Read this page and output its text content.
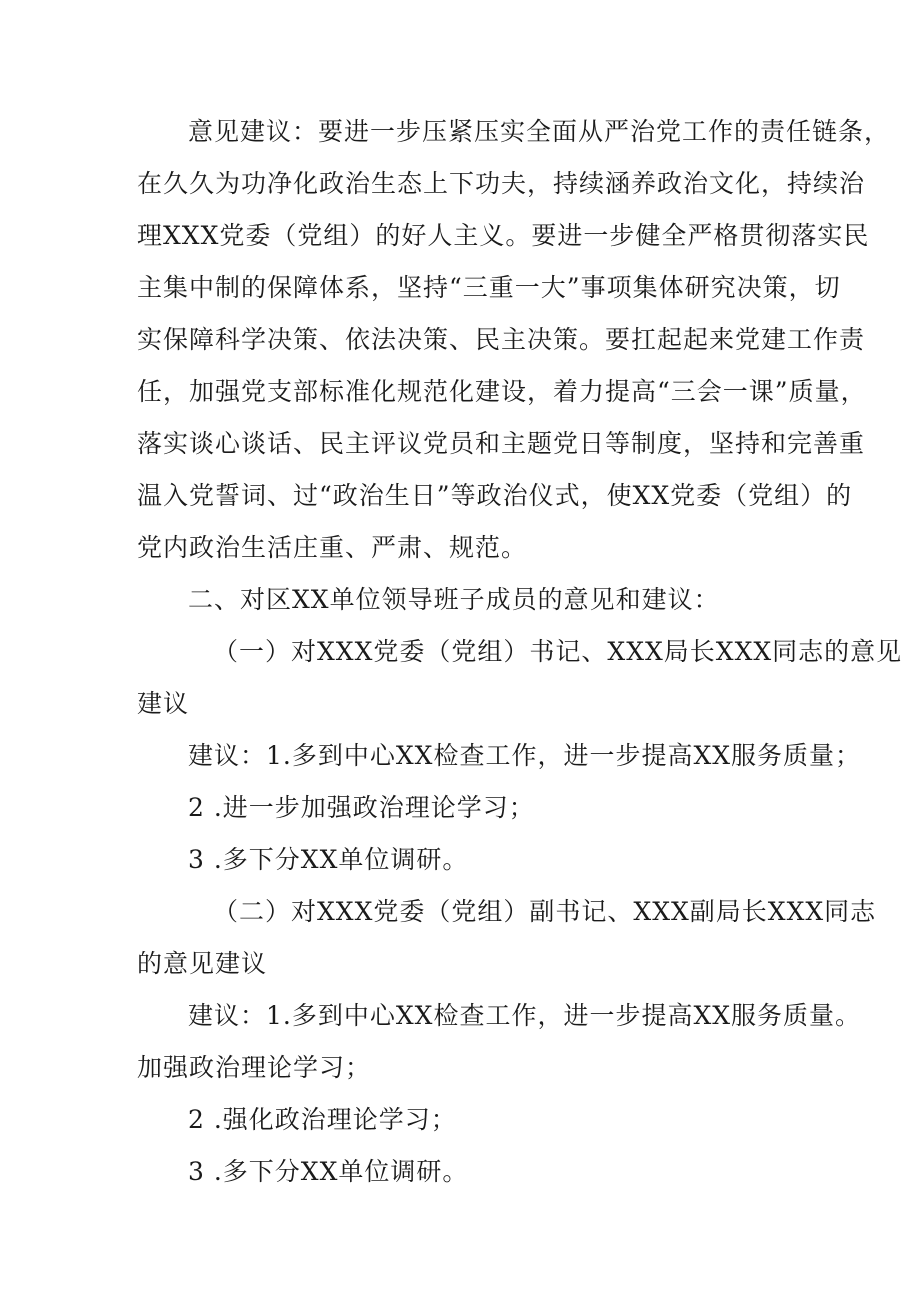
意见建议：要进一步压紧压实全面从严治党工作的责任链条，
在久久为功净化政治生态上下功夫，持续涵养政治文化，持续治
理XXX党委（党组）的好人主义。要进一步健全严格贯彻落实民
主集中制的保障体系，坚持“三重一大”事项集体研究决策，切
实保障科学决策、依法决策、民主决策。要扛起起来党建工作责
任，加强党支部标准化规范化建设，着力提高“三会一课”质量，
落实谈心谈话、民主评议党员和主题党日等制度，坚持和完善重
温入党誓词、过“政治生日”等政治仪式，使XX党委（党组）的
党内政治生活庄重、严肃、规范。
二、对区XX单位领导班子成员的意见和建议：
（一）对XXX党委（党组）书记、XXX局长XXX同志的意见
建议
建议：1.多到中心XX检查工作，进一步提高XX服务质量；
2 .进一步加强政治理论学习；
3 .多下分XX单位调研。
（二）对XXX党委（党组）副书记、XXX副局长XXX同志
的意见建议
建议：1.多到中心XX检查工作，进一步提高XX服务质量。
加强政治理论学习；
2 .强化政治理论学习；
3 .多下分XX单位调研。
